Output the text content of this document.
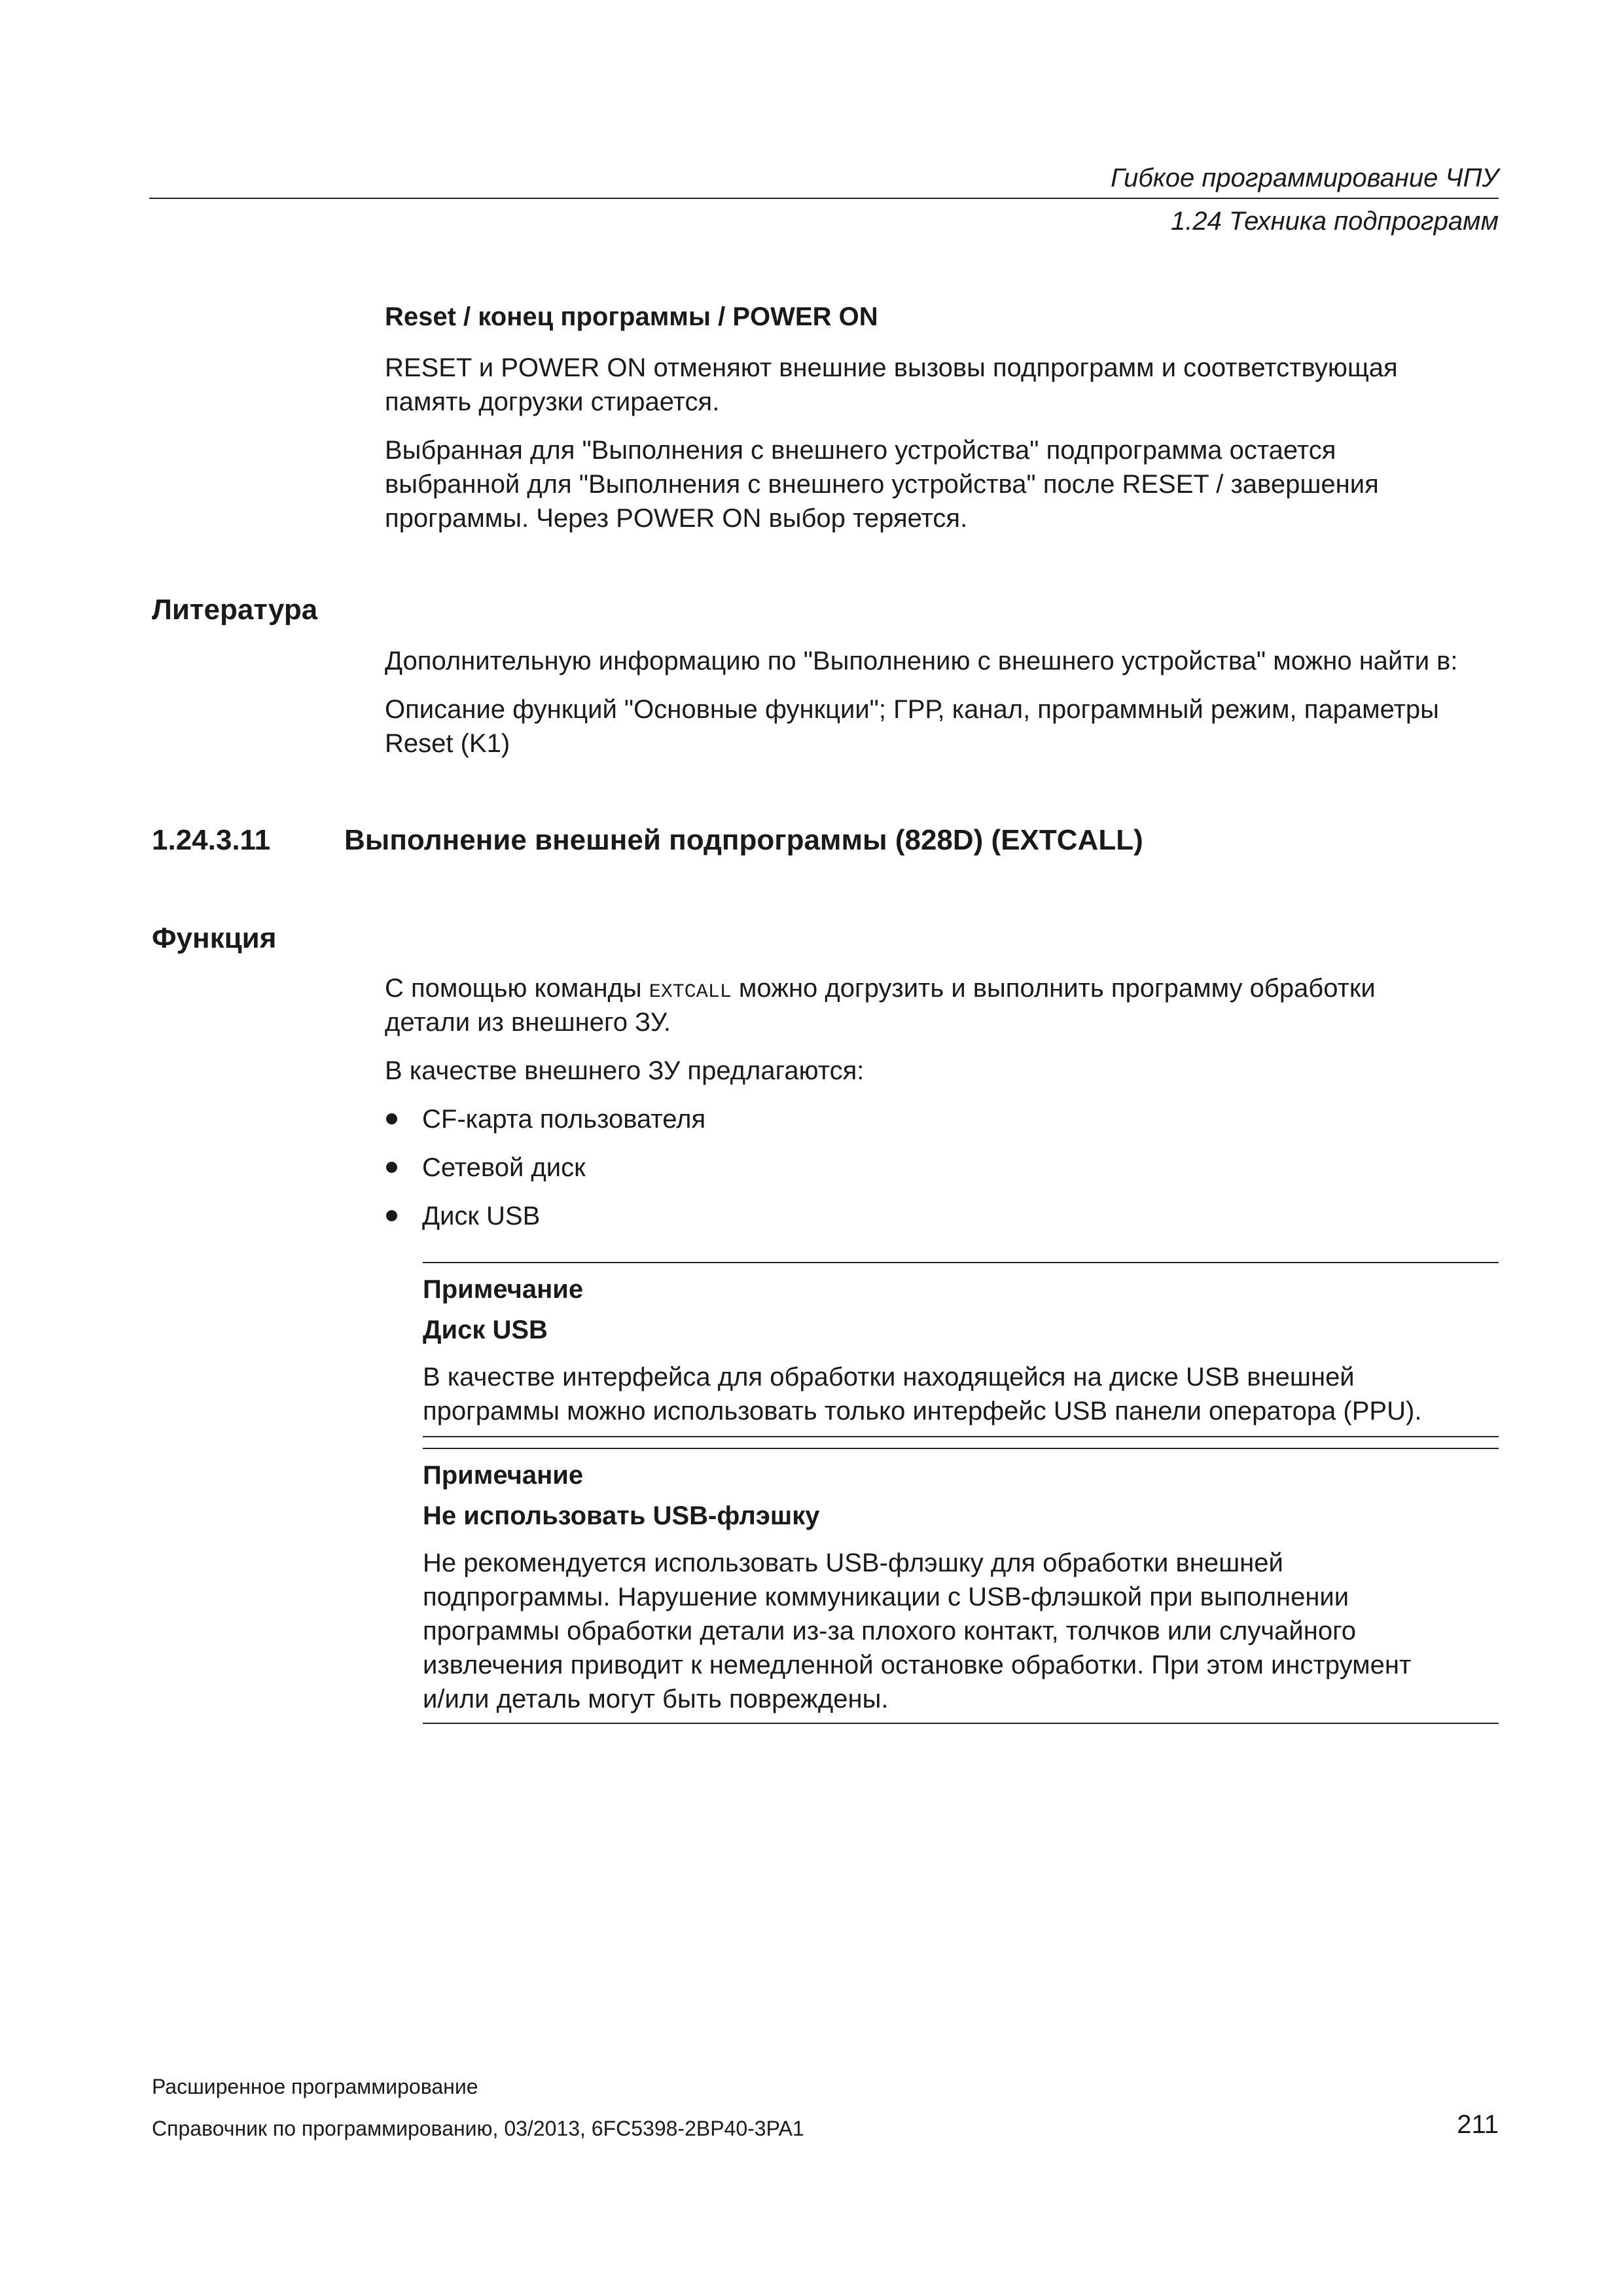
Гибкое программирование ЧПУ
1.24 Техника подпрограмм
Reset / конец программы / POWER ON
RESET и POWER ON отменяют внешние вызовы подпрограмм и соответствующая
память догрузки стирается.
Выбранная для "Выполнения с внешнего устройства" подпрограмма остается
выбранной для "Выполнения с внешнего устройства" после RESET / завершения
программы. Через POWER ON выбор теряется.
Литература
Дополнительную информацию по "Выполнению с внешнего устройства" можно найти в:
Описание функций "Основные функции"; ГРР, канал, программный режим, параметры
Reset (K1)
1.24.3.11	Выполнение внешней подпрограммы (828D) (EXTCALL)
Функция
С помощью команды EXTCALL можно догрузить и выполнить программу обработки
детали из внешнего ЗУ.
В качестве внешнего ЗУ предлагаются:
CF-карта пользователя
Сетевой диск
Диск USB
Примечание
Диск USB
В качестве интерфейса для обработки находящейся на диске USB внешней
программы можно использовать только интерфейс USB панели оператора (PPU).
Примечание
Не использовать USB-флэшку
Не рекомендуется использовать USB-флэшку для обработки внешней
подпрограммы. Нарушение коммуникации с USB-флэшкой при выполнении
программы обработки детали из-за плохого контакт, толчков или случайного
извлечения приводит к немедленной остановке обработки. При этом инструмент
и/или деталь могут быть повреждены.
Расширенное программирование
Справочник по программированию, 03/2013, 6FC5398-2BP40-3PA1	211
